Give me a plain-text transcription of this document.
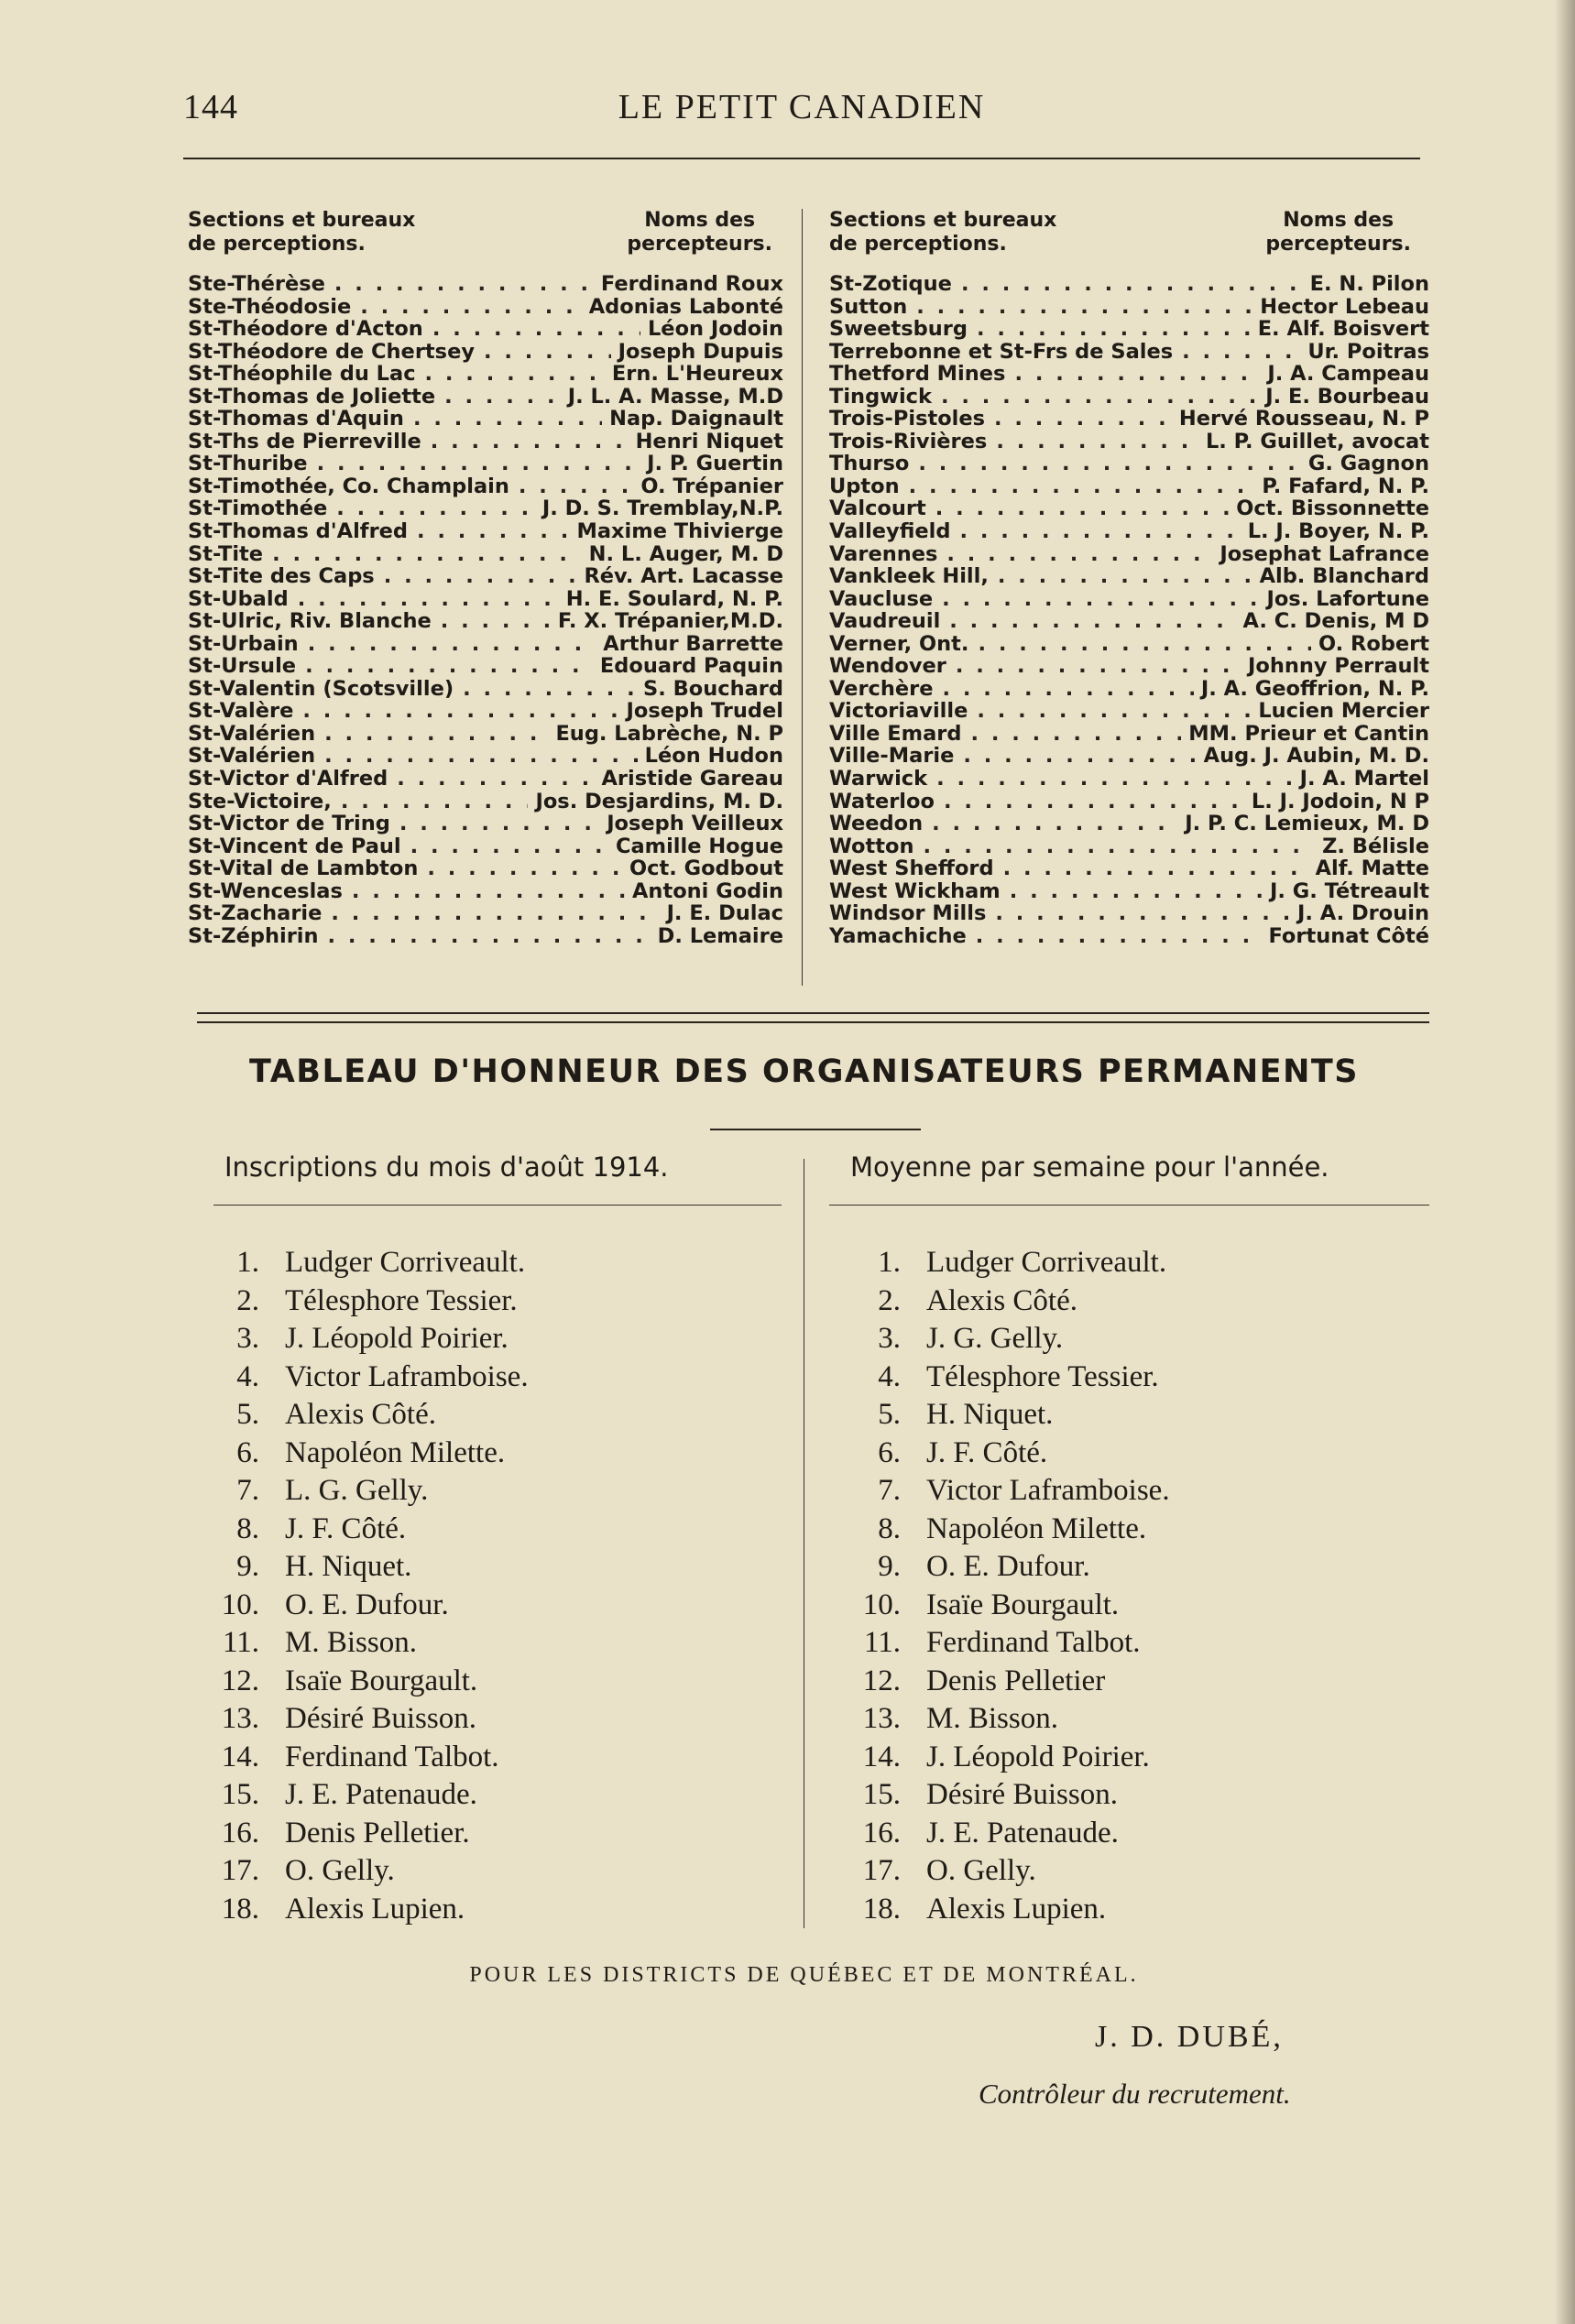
144	LE PETIT CANADIEN
Sections et bureaux
de perceptions.
Noms des
percepteurs.
Ste-Thérèse . . .	Ferdinand Roux
Ste-Théodosie . . .	Adonias Labonté
St-Théodore d'Acton . . .	Léon Jodoin
St-Théodore de Chertsey . . .	Joseph Dupuis
St-Théophile du Lac . . .	Ern. L'Heureux
St-Thomas de Joliette . . .	J. L. A. Masse, M.D
St-Thomas d'Aquin . . .	Nap. Daignault
St-Ths de Pierreville . . .	Henri Niquet
St-Thuribe . . .	J. P. Guertin
St-Timothée, Co. Champlain . . .	O. Trépanier
St-Timothée . . .	J. D. S. Tremblay,N.P.
St-Thomas d'Alfred . . .	Maxime Thivierge
St-Tite . . .	N. L. Auger, M. D
St-Tite des Caps . . .	Rév. Art. Lacasse
St-Ubald . . .	H. E. Soulard, N. P.
St-Ulric, Riv. Blanche . . .	F. X. Trépanier,M.D.
St-Urbain . . .	Arthur Barrette
St-Ursule . . .	Edouard Paquin
St-Valentin (Scotsville) . . .	S. Bouchard
St-Valère . . .	Joseph Trudel
St-Valérien . . .	Eug. Labrèche, N. P
St-Valérien . . .	Léon Hudon
St-Victor d'Alfred . . .	Aristide Gareau
Ste-Victoire, . . .	Jos. Desjardins, M. D.
St-Victor de Tring . . .	Joseph Veilleux
St-Vincent de Paul . . .	Camille Hogue
St-Vital de Lambton . . .	Oct. Godbout
St-Wenceslas . . .	Antoni Godin
St-Zacharie . . .	J. E. Dulac
St-Zéphirin . . .	D. Lemaire
Sections et bureaux
de perceptions.
Noms des
percepteurs.
St-Zotique . . .	E. N. Pilon
Sutton . . .	Hector Lebeau
Sweetsburg . . .	E. Alf. Boisvert
Terrebonne et St-Frs de Sales . . .	Ur. Poitras
Thetford Mines . . .	J. A. Campeau
Tingwick . . .	J. E. Bourbeau
Trois-Pistoles . . .	Hervé Rousseau, N. P
Trois-Rivières . . .	L. P. Guillet, avocat
Thurso . . .	G. Gagnon
Upton . . .	P. Fafard, N. P.
Valcourt . . .	Oct. Bissonnette
Valleyfield . . .	L. J. Boyer, N. P.
Varennes . . .	Josephat Lafrance
Vankleek Hill, . . .	Alb. Blanchard
Vaucluse . . .	Jos. Lafortune
Vaudreuil . . .	A. C. Denis, M D
Verner, Ont. . . .	O. Robert
Wendover . . .	Johnny Perrault
Verchère . . .	J. A. Geoffrion, N. P.
Victoriaville . . .	Lucien Mercier
Ville Emard . . .	MM. Prieur et Cantin
Ville-Marie . . .	Aug. J. Aubin, M. D.
Warwick . . .	J. A. Martel
Waterloo . . .	L. J. Jodoin, N P
Weedon . . .	J. P. C. Lemieux, M. D
Wotton . . .	Z. Bélisle
West Shefford . . .	Alf. Matte
West Wickham . . .	J. G. Tétreault
Windsor Mills . . .	J. A. Drouin
Yamachiche . . .	Fortunat Côté
TABLEAU D'HONNEUR DES ORGANISATEURS PERMANENTS
Inscriptions du mois d'août 1914.	Moyenne par semaine pour l'année.
1. Ludger Corriveault.
2. Télesphore Tessier.
3. J. Léopold Poirier.
4. Victor Laframboise.
5. Alexis Côté.
6. Napoléon Milette.
7. L. G. Gelly.
8. J. F. Côté.
9. H. Niquet.
10. O. E. Dufour.
11. M. Bisson.
12. Isaïe Bourgault.
13. Désiré Buisson.
14. Ferdinand Talbot.
15. J. E. Patenaude.
16. Denis Pelletier.
17. O. Gelly.
18. Alexis Lupien.
1. Ludger Corriveault.
2. Alexis Côté.
3. J. G. Gelly.
4. Télesphore Tessier.
5. H. Niquet.
6. J. F. Côté.
7. Victor Laframboise.
8. Napoléon Milette.
9. O. E. Dufour.
10. Isaïe Bourgault.
11. Ferdinand Talbot.
12. Denis Pelletier
13. M. Bisson.
14. J. Léopold Poirier.
15. Désiré Buisson.
16. J. E. Patenaude.
17. O. Gelly.
18. Alexis Lupien.
POUR LES DISTRICTS DE QUÉBEC ET DE MONTRÉAL.
J. D. DUBÉ,
Contrôleur du recrutement.
